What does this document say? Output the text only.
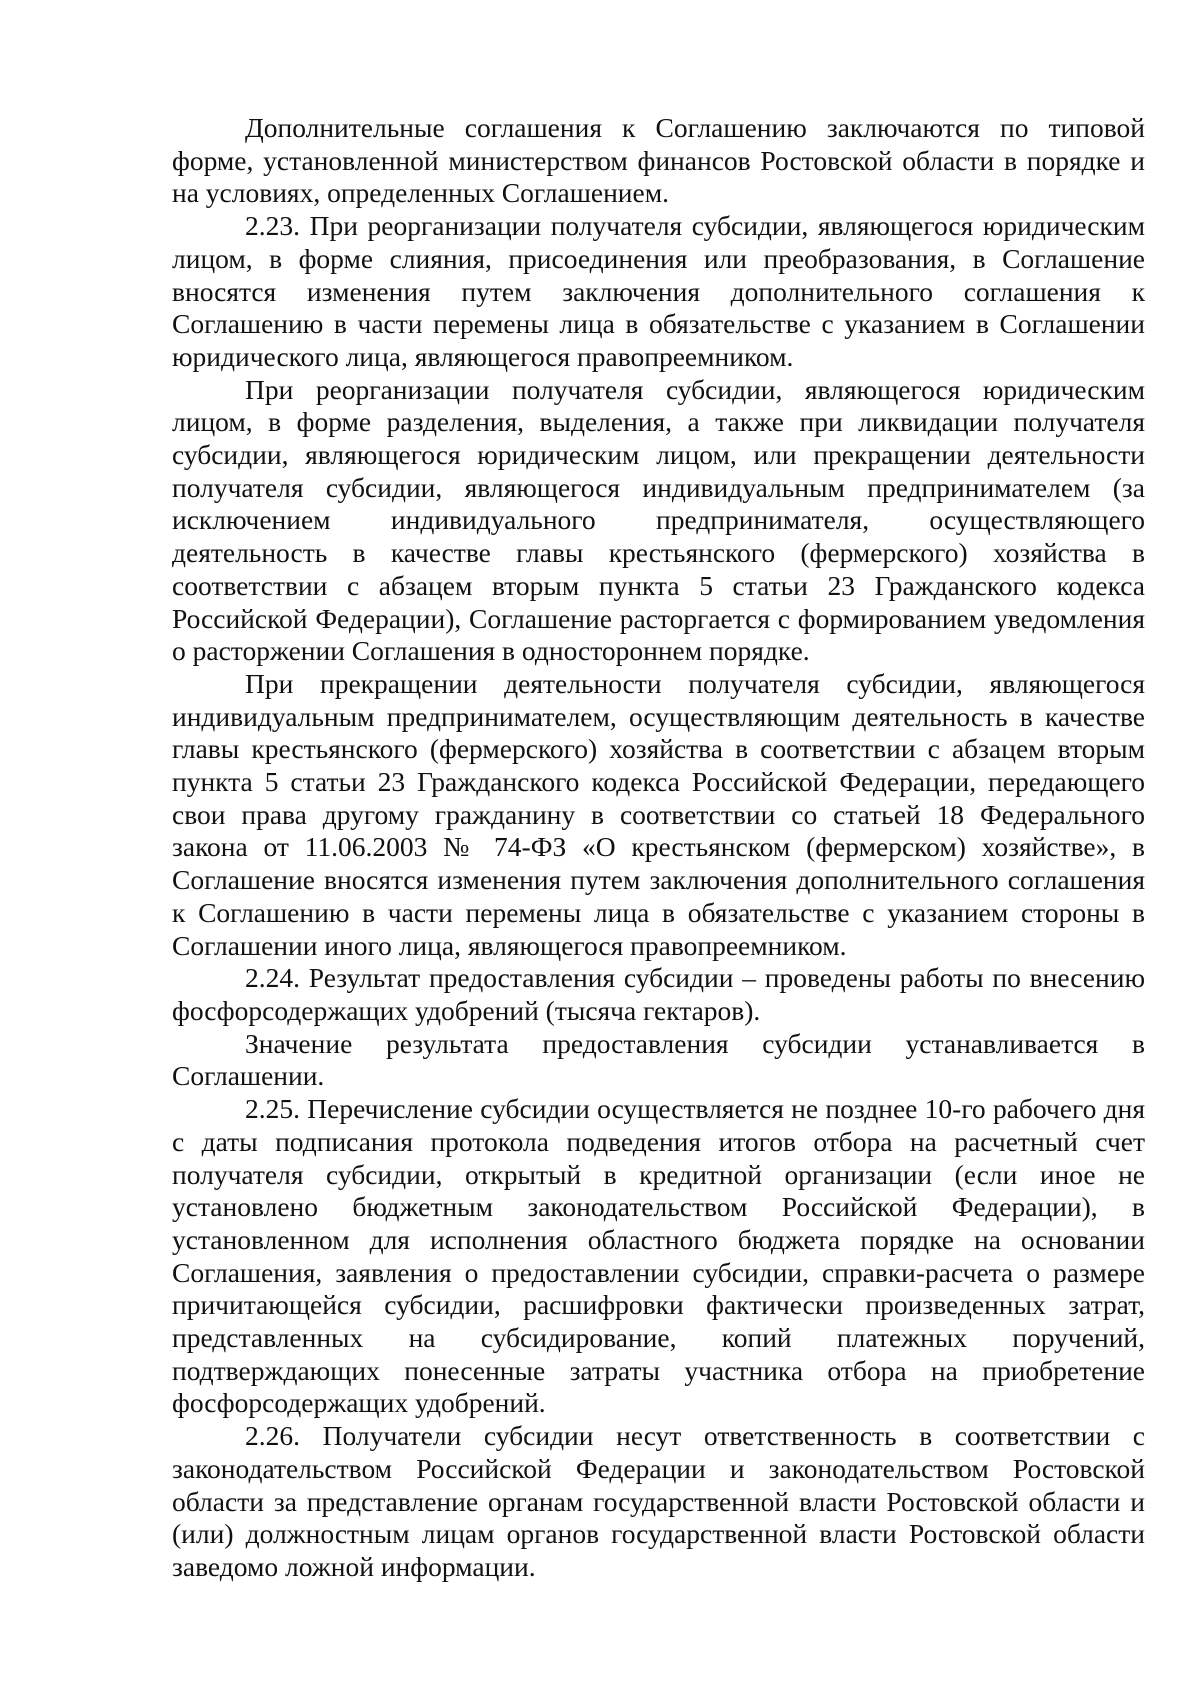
Дополнительные соглашения к Соглашению заключаются по типовой форме, установленной министерством финансов Ростовской области в порядке и на условиях, определенных Соглашением.

2.23. При реорганизации получателя субсидии, являющегося юридическим лицом, в форме слияния, присоединения или преобразования, в Соглашение вносятся изменения путем заключения дополнительного соглашения к Соглашению в части перемены лица в обязательстве с указанием в Соглашении юридического лица, являющегося правопреемником.

При реорганизации получателя субсидии, являющегося юридическим лицом, в форме разделения, выделения, а также при ликвидации получателя субсидии, являющегося юридическим лицом, или прекращении деятельности получателя субсидии, являющегося индивидуальным предпринимателем (за исключением индивидуального предпринимателя, осуществляющего деятельность в качестве главы крестьянского (фермерского) хозяйства в соответствии с абзацем вторым пункта 5 статьи 23 Гражданского кодекса Российской Федерации), Соглашение расторгается с формированием уведомления о расторжении Соглашения в одностороннем порядке.

При прекращении деятельности получателя субсидии, являющегося индивидуальным предпринимателем, осуществляющим деятельность в качестве главы крестьянского (фермерского) хозяйства в соответствии с абзацем вторым пункта 5 статьи 23 Гражданского кодекса Российской Федерации, передающего свои права другому гражданину в соответствии со статьей 18 Федерального закона от 11.06.2003 № 74-ФЗ «О крестьянском (фермерском) хозяйстве», в Соглашение вносятся изменения путем заключения дополнительного соглашения к Соглашению в части перемены лица в обязательстве с указанием стороны в Соглашении иного лица, являющегося правопреемником.

2.24. Результат предоставления субсидии – проведены работы по внесению фосфорсодержащих удобрений (тысяча гектаров).

Значение результата предоставления субсидии устанавливается в Соглашении.

2.25. Перечисление субсидии осуществляется не позднее 10-го рабочего дня с даты подписания протокола подведения итогов отбора на расчетный счет получателя субсидии, открытый в кредитной организации (если иное не установлено бюджетным законодательством Российской Федерации), в установленном для исполнения областного бюджета порядке на основании Соглашения, заявления о предоставлении субсидии, справки-расчета о размере причитающейся субсидии, расшифровки фактически произведенных затрат, представленных на субсидирование, копий платежных поручений, подтверждающих понесенные затраты участника отбора на приобретение фосфорсодержащих удобрений.

2.26. Получатели субсидии несут ответственность в соответствии с законодательством Российской Федерации и законодательством Ростовской области за представление органам государственной власти Ростовской области и (или) должностным лицам органов государственной власти Ростовской области заведомо ложной информации.
